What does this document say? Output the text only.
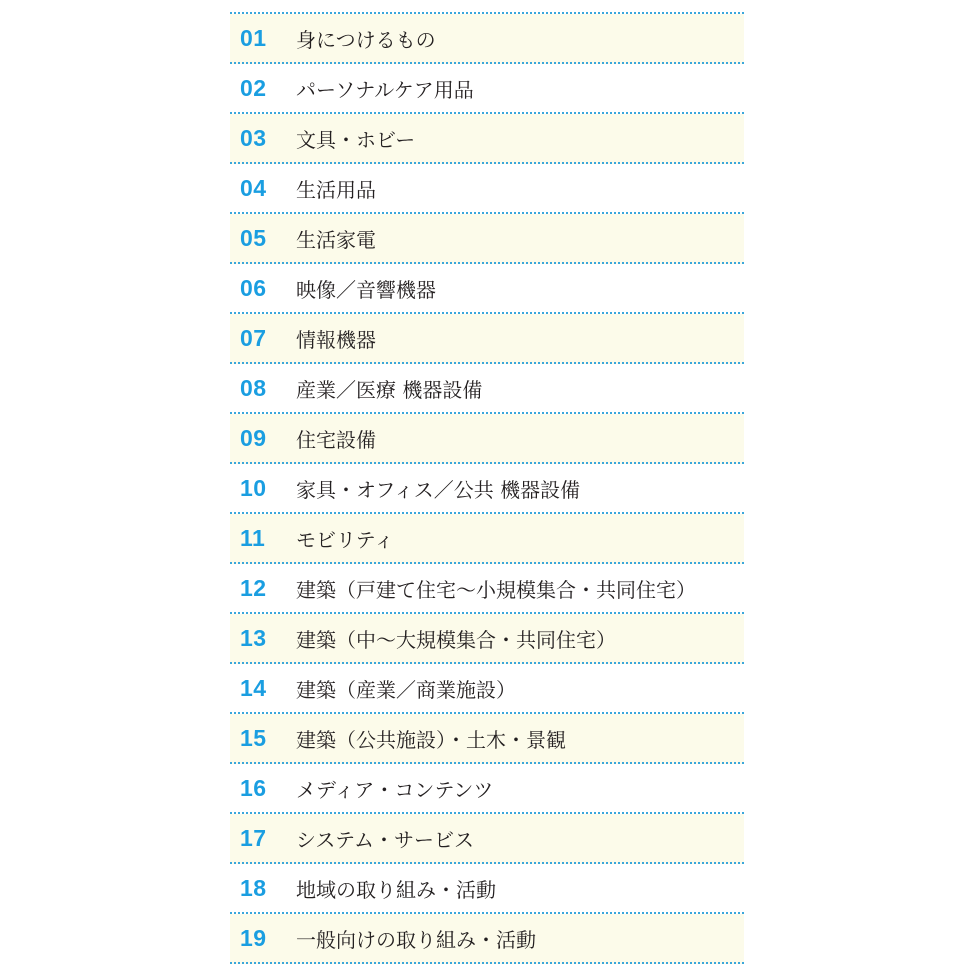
01	身につけるもの
02	パーソナルケア用品
03	文具・ホビー
04	生活用品
05	生活家電
06	映像／音響機器
07	情報機器
08	産業／医療 機器設備
09	住宅設備
10	家具・オフィス／公共 機器設備
11	モビリティ
12	建築（戸建て住宅〜小規模集合・共同住宅）
13	建築（中〜大規模集合・共同住宅）
14	建築（産業／商業施設）
15	建築（公共施設）・土木・景観
16	メディア・コンテンツ
17	システム・サービス
18	地域の取り組み・活動
19	一般向けの取り組み・活動
